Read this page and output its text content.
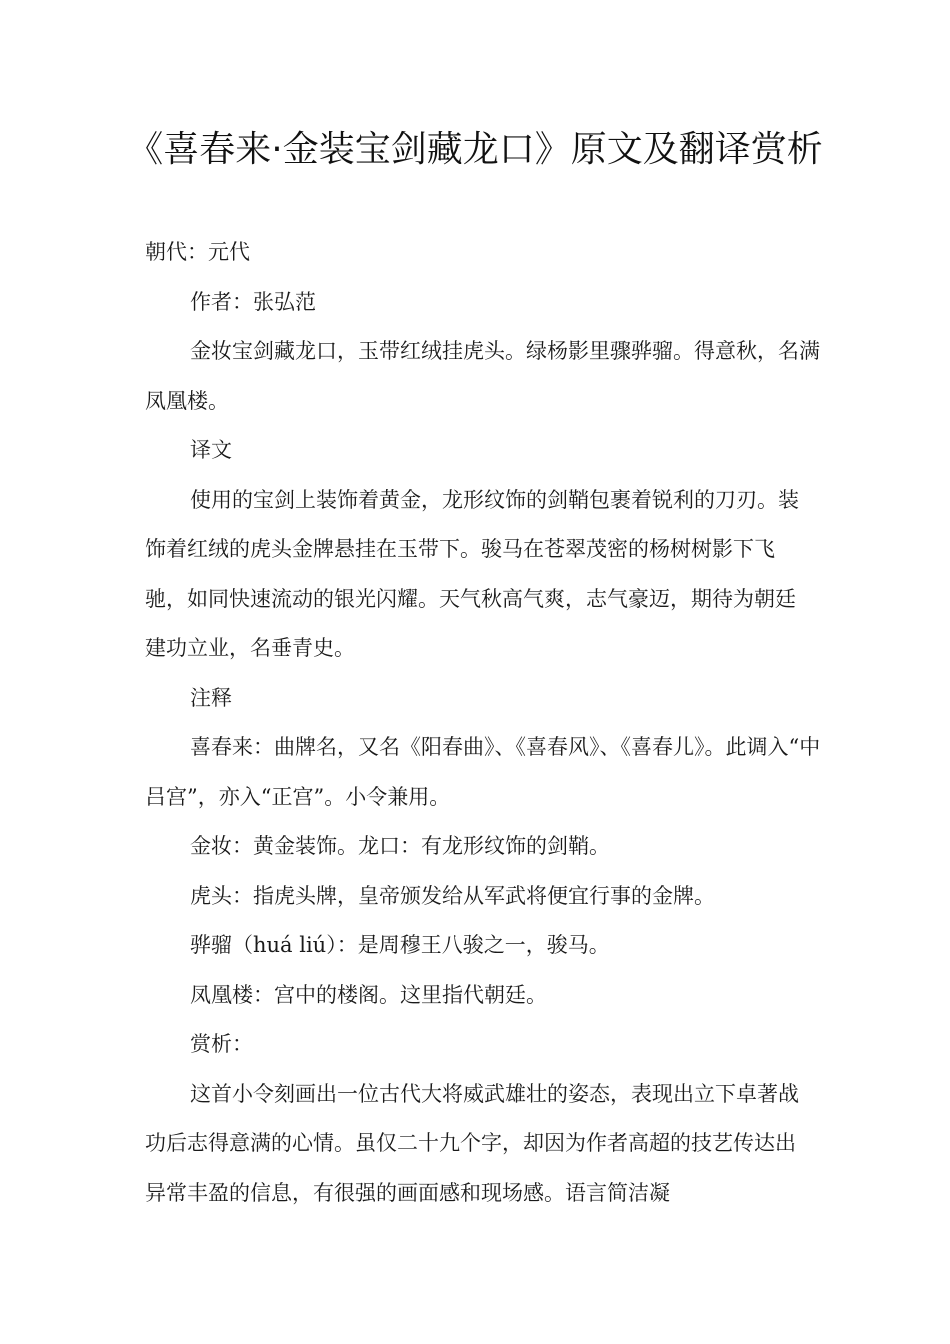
《喜春来·金装宝剑藏龙口》原文及翻译赏析

朝代：元代

作者：张弘范

金妆宝剑藏龙口，玉带红绒挂虎头。绿杨影里骤骅骝。得意秋，名满凤凰楼。

译文

使用的宝剑上装饰着黄金，龙形纹饰的剑鞘包裹着锐利的刀刃。装饰着红绒的虎头金牌悬挂在玉带下。骏马在苍翠茂密的杨树树影下飞驰，如同快速流动的银光闪耀。天气秋高气爽，志气豪迈，期待为朝廷建功立业，名垂青史。

注释

喜春来：曲牌名，又名《阳春曲》、《喜春风》、《喜春儿》。此调入“中吕宫”，亦入“正宫”。小令兼用。

金妆：黄金装饰。龙口：有龙形纹饰的剑鞘。

虎头：指虎头牌，皇帝颁发给从军武将便宜行事的金牌。

骅骝（huá liú）：是周穆王八骏之一，骏马。

凤凰楼：宫中的楼阁。这里指代朝廷。

赏析：

这首小令刻画出一位古代大将威武雄壮的姿态，表现出立下卓著战功后志得意满的心情。虽仅二十九个字，却因为作者高超的技艺传达出异常丰盈的信息，有很强的画面感和现场感。语言简洁凝
